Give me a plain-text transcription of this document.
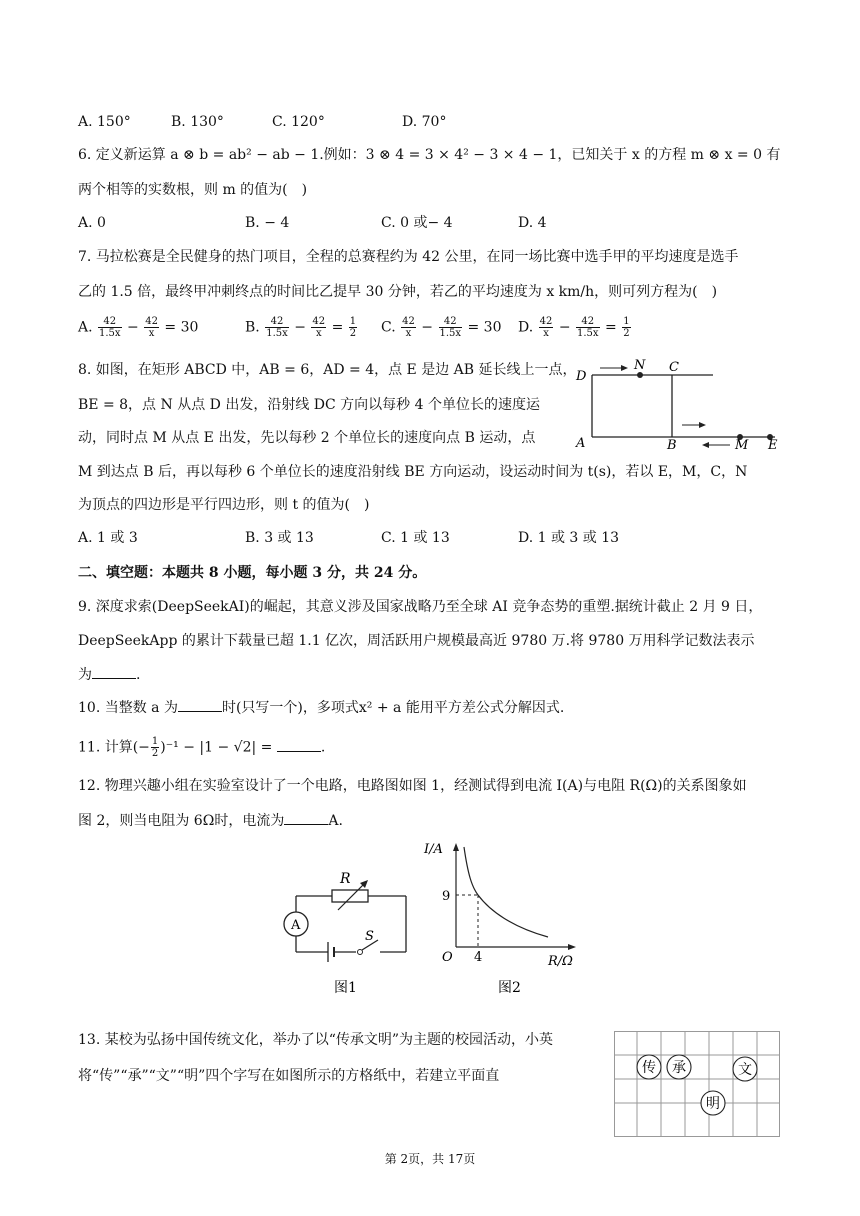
A. 150°	B. 130°	C. 120°	D. 70°
6. 定义新运算 a ⊗ b = ab² − ab − 1.例如：3 ⊗ 4 = 3 × 4² − 3 × 4 − 1，已知关于 x 的方程 m ⊗ x = 0 有
两个相等的实数根，则 m 的值为(　)
A. 0	B. − 4	C. 0 或− 4	D. 4
7. 马拉松赛是全民健身的热门项目，全程的总赛程约为 42 公里，在同一场比赛中选手甲的平均速度是选手
乙的 1.5 倍，最终甲冲刺终点的时间比乙提早 30 分钟，若乙的平均速度为 x km/h，则可列方程为(　)
A. $\frac{42}{1.5x} - \frac{42}{x} = 30$	B. $\frac{42}{1.5x} - \frac{42}{x} = \frac{1}{2} C$. $\frac{42}{x} - \frac{42}{1.5x} = 30$ D. $\frac{42}{x} - \frac{42}{1.5x} = \frac{1}{2}$
8. 如图，在矩形 ABCD 中，AB = 6，AD = 4，点 E 是边 AB 延长线上一点，
BE = 8，点 N 从点 D 出发，沿射线 DC 方向以每秒 4 个单位长的速度运
动，同时点 M 从点 E 出发，先以每秒 2 个单位长的速度向点 B 运动，点
M 到达点 B 后，再以每秒 6 个单位长的速度沿射线 BE 方向运动，设运动时间为 t(s)，若以 E，M，C，N
为顶点的四边形是平行四边形，则 t 的值为(　)
D
N C
A	B	M E
A. 1 或 3	B. 3 或 13	C. 1 或 13	D. 1 或 3 或 13
二、填空题：本题共 8 小题，每小题 3 分，共 24 分。
9. 深度求索(DeepSeekAI)的崛起，其意义涉及国家战略乃至全球 AI 竞争态势的重塑.据统计截止 2 月 9 日，
DeepSeekApp 的累计下载量已超 1.1 亿次，周活跃用户规模最高近 9780 万.将 9780 万用科学记数法表示
为	.
10. 当整数 a 为	时(只写一个)，多项式x² + a 能用平方差公式分解因式.
11. 计算(− $\frac{1}{2} )^{-1} - |1 - √2|$ =	.
12. 物理兴趣小组在实验室设计了一个电路，电路图如图 1，经测试得到电流 I(A)与电阻 R(Ω)的关系图象如
图 2，则当电阻为 6Ω时，电流为	A.
A
R
S
图1
I/A
R/Ω
O
9
4
图2
13. 某校为弘扬中国传统文化，举办了以“传承文明”为主题的校园活动，小英
将“传”“承”“文”“明”四个字写在如图所示的方格纸中，若建立平面直	传 承	文
明
第 2页，共 17页
